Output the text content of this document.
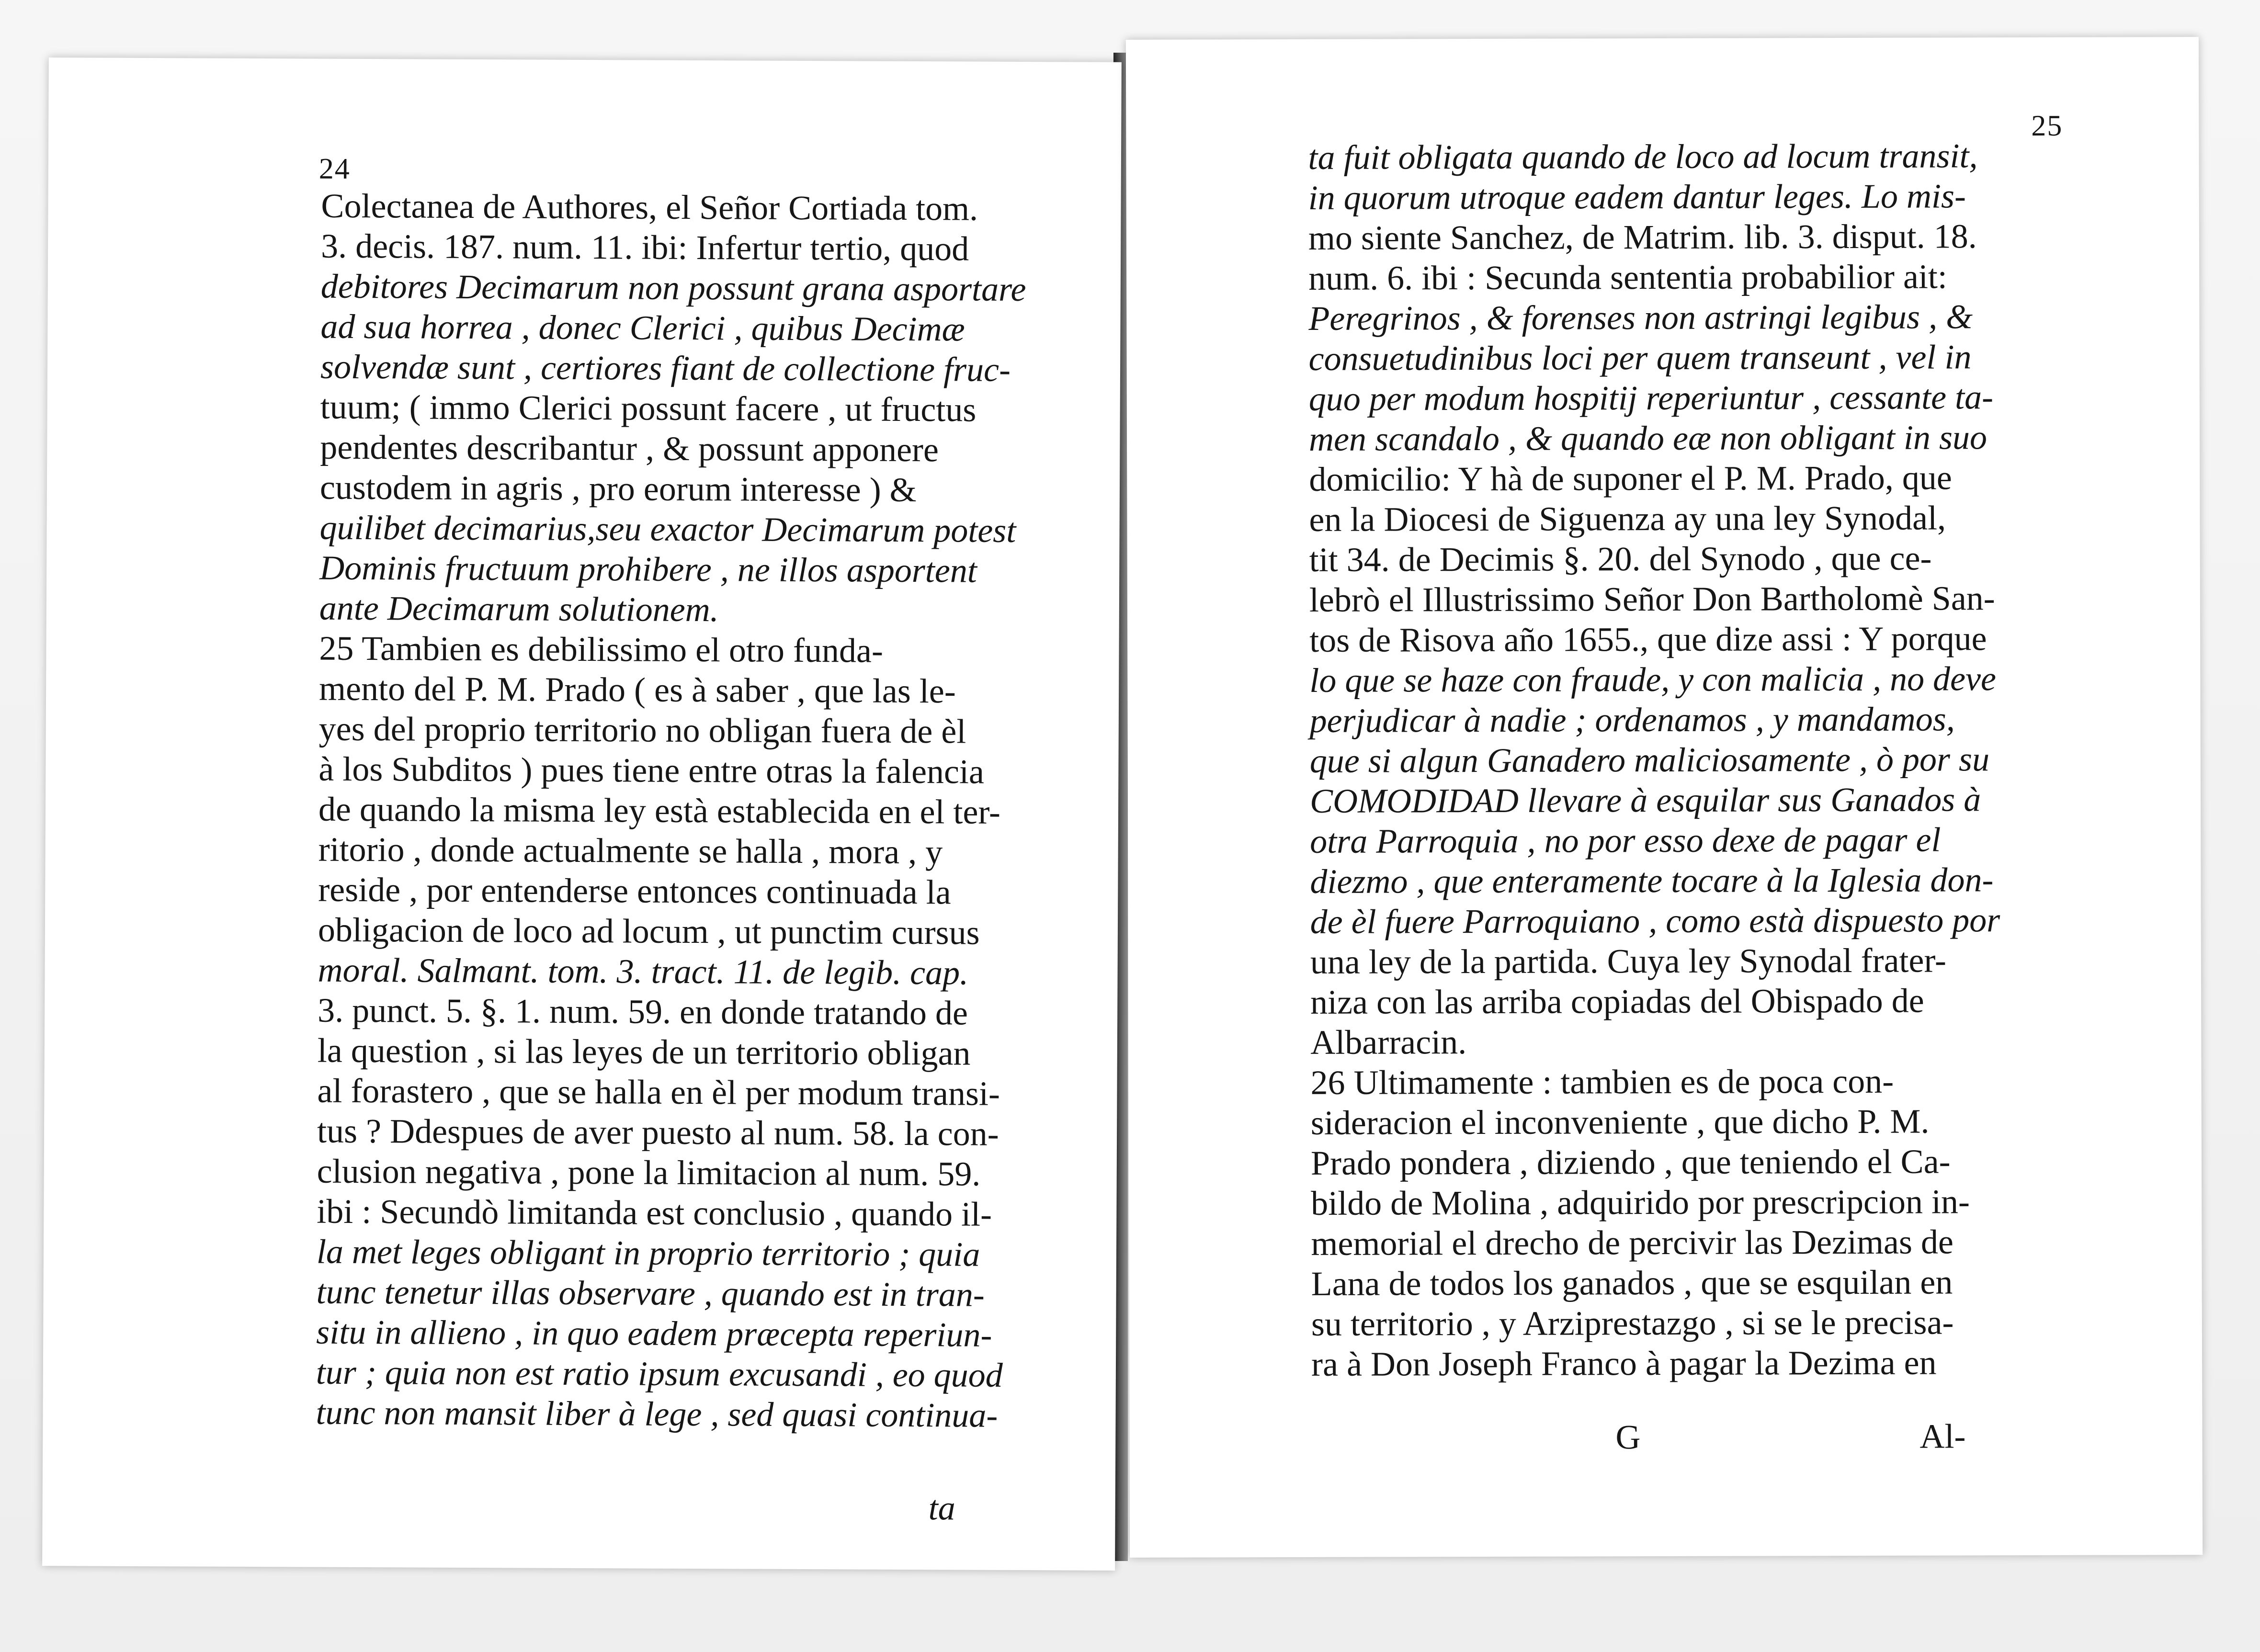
24
Colectanea de Authores, el Señor Cortiada tom.
3. decis. 187. num. 11. ibi: Infertur tertio, quod
debitores Decimarum non possunt grana asportare
ad sua horrea , donec Clerici , quibus Decimæ
solvendæ sunt , certiores fiant de collectione fruc-
tuum; ( immo Clerici possunt facere , ut fructus
pendentes describantur , & possunt apponere
custodem in agris , pro eorum interesse ) &
quilibet decimarius,seu exactor Decimarum potest
Dominis fructuum prohibere , ne illos asportent
ante Decimarum solutionem.
25 Tambien es debilissimo el otro funda-
mento del P. M. Prado ( es à saber , que las le-
yes del proprio territorio no obligan fuera de èl
à los Subditos ) pues tiene entre otras la falencia
de quando la misma ley està establecida en el ter-
ritorio , donde actualmente se halla , mora , y
reside , por entenderse entonces continuada la
obligacion de loco ad locum , ut punctim cursus
moral. Salmant. tom. 3. tract. 11. de legib. cap.
3. punct. 5. §. 1. num. 59. en donde tratando de
la question , si las leyes de un territorio obligan
al forastero , que se halla en èl per modum transi-
tus ? Ddespues de aver puesto al num. 58. la con-
clusion negativa , pone la limitacion al num. 59.
ibi : Secundò limitanda est conclusio , quando il-
la met leges obligant in proprio territorio ; quia
tunc tenetur illas observare , quando est in tran-
situ in allieno , in quo eadem præcepta reperiun-
tur ; quia non est ratio ipsum excusandi , eo quod
tunc non mansit liber à lege , sed quasi continua-
ta
25
ta fuit obligata quando de loco ad locum transit,
in quorum utroque eadem dantur leges. Lo mis-
mo siente Sanchez, de Matrim. lib. 3. disput. 18.
num. 6. ibi : Secunda sententia probabilior ait:
Peregrinos , & forenses non astringi legibus , &
consuetudinibus loci per quem transeunt , vel in
quo per modum hospitij reperiuntur , cessante ta-
men scandalo , & quando eæ non obligant in suo
domicilio: Y hà de suponer el P. M. Prado, que
en la Diocesi de Siguenza ay una ley Synodal,
tit 34. de Decimis §. 20. del Synodo , que ce-
lebrò el Illustrissimo Señor Don Bartholomè San-
tos de Risova año 1655., que dize assi : Y porque
lo que se haze con fraude, y con malicia , no deve
perjudicar à nadie ; ordenamos , y mandamos,
que si algun Ganadero maliciosamente , ò por su
COMODIDAD llevare à esquilar sus Ganados à
otra Parroquia , no por esso dexe de pagar el
diezmo , que enteramente tocare à la Iglesia don-
de èl fuere Parroquiano , como està dispuesto por
una ley de la partida. Cuya ley Synodal frater-
niza con las arriba copiadas del Obispado de
Albarracin.
26 Ultimamente : tambien es de poca con-
sideracion el inconveniente , que dicho P. M.
Prado pondera , diziendo , que teniendo el Ca-
bildo de Molina , adquirido por prescripcion in-
memorial el drecho de percivir las Dezimas de
Lana de todos los ganados , que se esquilan en
su territorio , y Arziprestazgo , si se le precisa-
ra à Don Joseph Franco à pagar la Dezima en
G	Al-
